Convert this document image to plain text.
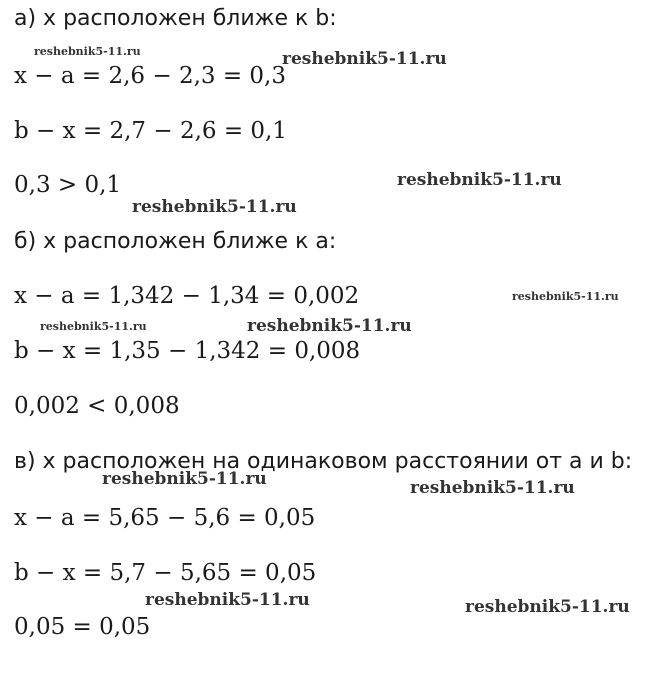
а) x расположен ближе к b:
x − a = 2,6 − 2,3 = 0,3
b − x = 2,7 − 2,6 = 0,1
0,3 > 0,1
б) x расположен ближе к a:
x − a = 1,342 − 1,34 = 0,002
b − x = 1,35 − 1,342 = 0,008
0,002 < 0,008
в) x расположен на одинаковом расстоянии от a и b:
x − a = 5,65 − 5,6 = 0,05
b − x = 5,7 − 5,65 = 0,05
0,05 = 0,05
reshebnik5-11.ru	reshebnik5-11.ru
reshebnik5-11.ru
reshebnik5-11.ru
reshebnik5-11.ru
reshebnik5-11.ru	reshebnik5-11.ru
reshebnik5-11.ru	reshebnik5-11.ru
reshebnik5-11.ru	reshebnik5-11.ru
